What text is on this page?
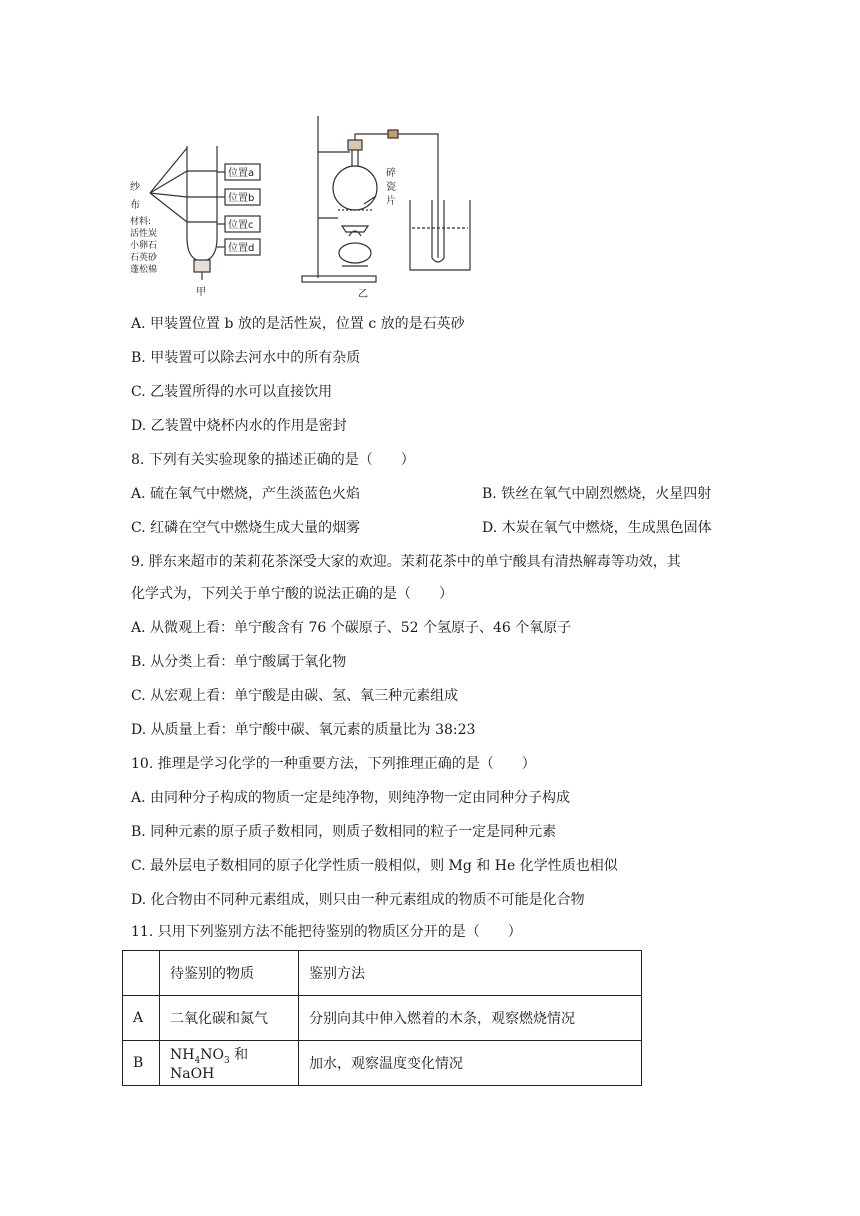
纱
布
材料:
活性炭
小卵石
石英砂
蓬松棉
位置a
位置b
位置c
位置d
甲	乙
碎
瓷
片
A. 甲装置位置 b 放的是活性炭，位置 c 放的是石英砂
B. 甲装置可以除去河水中的所有杂质
C. 乙装置所得的水可以直接饮用
D. 乙装置中烧杯内水的作用是密封
8. 下列有关实验现象的描述正确的是（　　）
A. 硫在氧气中燃烧，产生淡蓝色火焰	B. 铁丝在氧气中剧烈燃烧，火星四射
C. 红磷在空气中燃烧生成大量的烟雾	D. 木炭在氧气中燃烧，生成黑色固体
9. 胖东来超市的茉莉花茶深受大家的欢迎。茉莉花茶中的单宁酸具有清热解毒等功效，其
化学式为，下列关于单宁酸的说法正确的是（　　）
A. 从微观上看：单宁酸含有 76 个碳原子、52 个氢原子、46 个氧原子
B. 从分类上看：单宁酸属于氧化物
C. 从宏观上看：单宁酸是由碳、氢、氧三种元素组成
D. 从质量上看：单宁酸中碳、氧元素的质量比为 38:23
10. 推理是学习化学的一种重要方法，下列推理正确的是（　　）
A. 由同种分子构成的物质一定是纯净物，则纯净物一定由同种分子构成
B. 同种元素的原子质子数相同，则质子数相同的粒子一定是同种元素
C. 最外层电子数相同的原子化学性质一般相似，则 Mg 和 He 化学性质也相似
D. 化合物由不同种元素组成，则只由一种元素组成的物质不可能是化合物
11. 只用下列鉴别方法不能把待鉴别的物质区分开的是（　　）
	待鉴别的物质	鉴别方法
A	二氧化碳和氮气	分别向其中伸入燃着的木条，观察燃烧情况
B	$NH_4NO_3$ 和 NaOH	加水，观察温度变化情况
